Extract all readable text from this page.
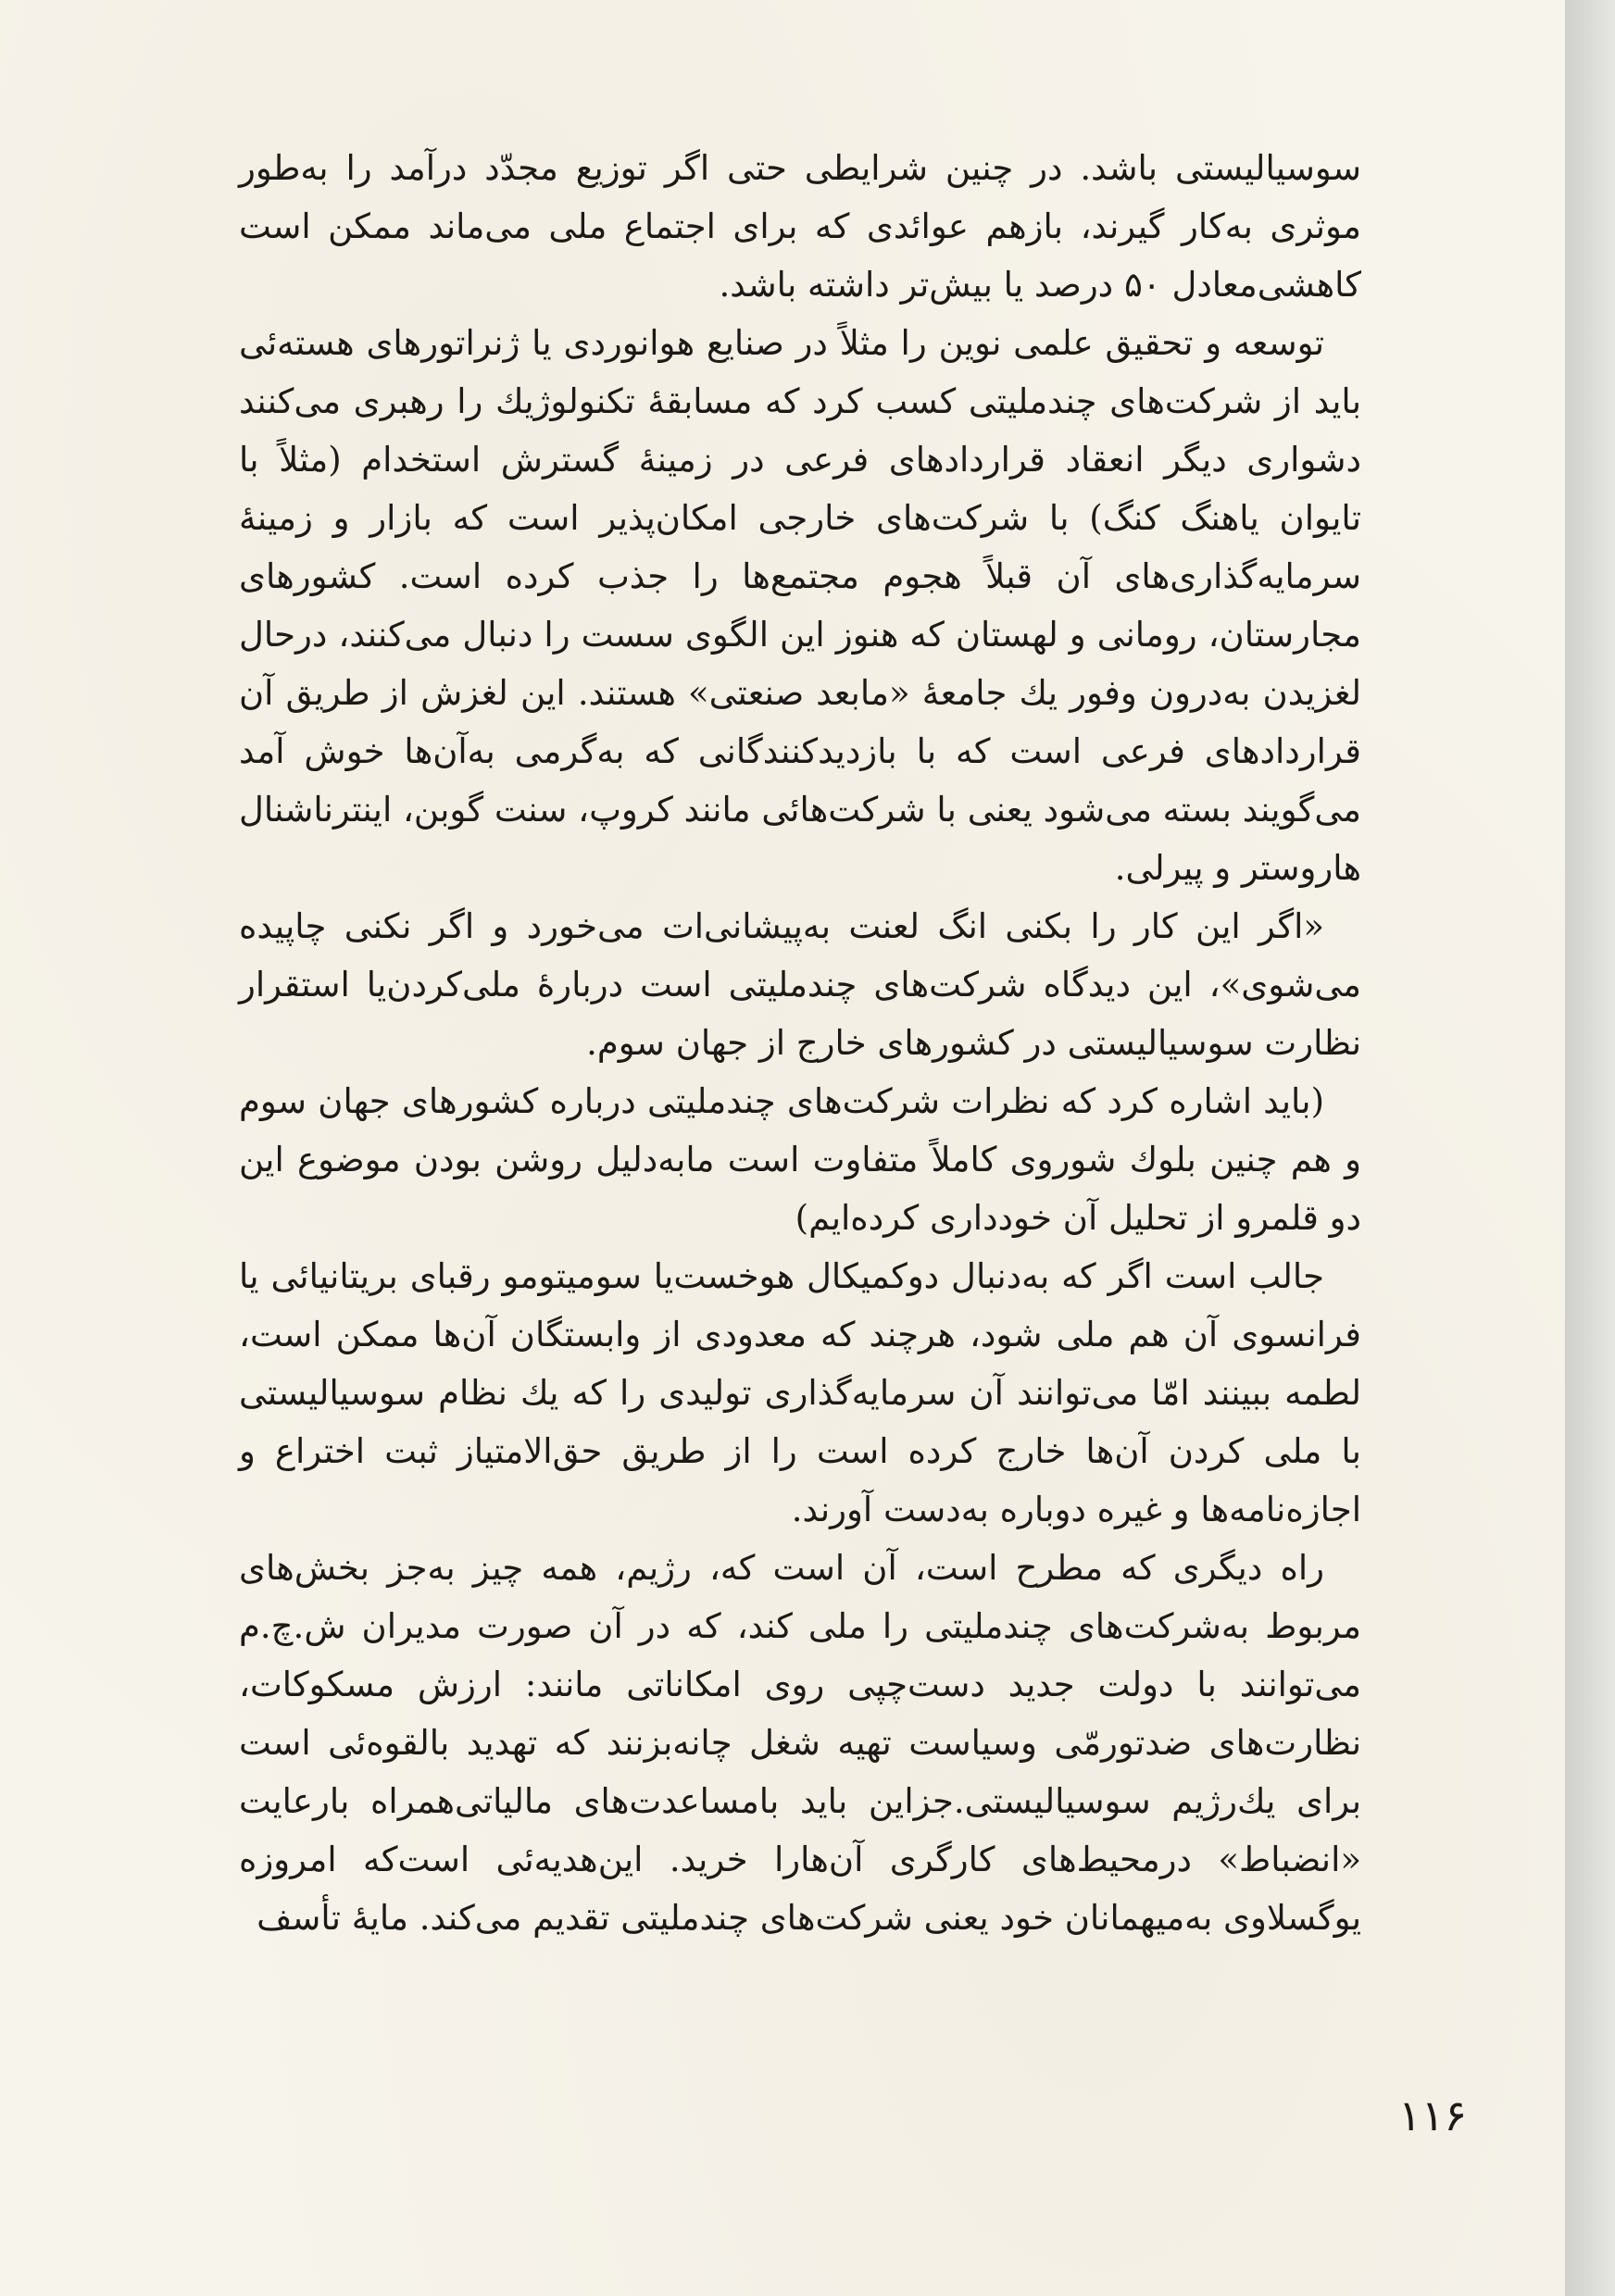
سوسیالیستی باشد. در چنین شرایطی حتی اگر توزیع مجدّد درآمد را به‌طور موثری به‌کار گیرند، بازهم عوائدی که برای اجتماع ملی می‌ماند ممکن است کاهشی‌معادل ۵۰ درصد یا بیش‌تر داشته باشد.

توسعه و تحقیق علمی نوین را مثلاً در صنایع هوانوردی یا ژنراتورهای هسته‌ئی باید از شرکت‌های چندملیتی کسب کرد که مسابقهٔ تکنولوژیك را رهبری می‌کنند دشواری دیگر انعقاد قراردادهای فرعی در زمینهٔ گسترش استخدام (مثلاً با تایوان یاهنگ کنگ) با شرکت‌های خارجی امکان‌پذیر است که بازار و زمینهٔ سرمایه‌گذاری‌های آن قبلاً هجوم مجتمع‌ها را جذب کرده است. کشورهای مجارستان، رومانی و لهستان که هنوز این الگوی سست را دنبال می‌کنند، درحال لغزیدن به‌درون وفور یك جامعهٔ «مابعد صنعتی» هستند. این لغزش از طریق آن قراردادهای فرعی است که با بازدیدکنندگانی که به‌گرمی به‌آن‌ها خوش آمد می‌گویند بسته می‌شود یعنی با شرکت‌هائی مانند کروپ، سنت گوبن، اینترناشنال هاروستر و پیرلی.

«اگر این کار را بکنی انگ لعنت به‌پیشانی‌ات می‌خورد و اگر نکنی چاپیده می‌شوی»، این دیدگاه شرکت‌های چندملیتی است دربارهٔ ملی‌کردن‌یا استقرار نظارت سوسیالیستی در کشورهای خارج از جهان سوم.

(باید اشاره کرد که نظرات شرکت‌های چندملیتی درباره کشورهای جهان سوم و هم چنین بلوك شوروی کاملاً متفاوت است مابه‌دلیل روشن بودن موضوع این دو قلمرو از تحلیل آن خودداری کرده‌ایم)

جالب است اگر که به‌دنبال دوکمیکال هوخست‌یا سومیتومو رقبای بریتانیائی یا فرانسوی آن هم ملی شود، هرچند که معدودی از وابستگان آن‌ها ممکن است، لطمه ببینند امّا می‌توانند آن سرمایه‌گذاری تولیدی را که یك نظام سوسیالیستی با ملی کردن آن‌ها خارج کرده است را از طریق حق‌الامتیاز ثبت اختراع و اجازه‌نامه‌ها و غیره دوباره به‌دست آورند.

راه دیگری که مطرح است، آن است که، رژیم، همه چیز به‌جز بخش‌های مربوط به‌شرکت‌های چندملیتی را ملی کند، که در آن صورت مدیران ش.چ.م می‌توانند با دولت جدید دست‌چپی روی امکاناتی مانند: ارزش مسکوکات، نظارت‌های ضدتورمّی وسیاست تهیه شغل چانه‌بزنند که تهدید بالقوه‌ئی است برای یك‌رژیم سوسیالیستی.جزاین باید بامساعدت‌های مالیاتی‌همراه بارعایت «انضباط» درمحیط‌های کارگری آن‌هارا خرید. این‌هدیه‌ئی است‌که امروزه یوگسلاوی به‌میهمانان خود یعنی شرکت‌های چندملیتی تقدیم می‌کند. مایهٔ تأسف

۱۱۶
